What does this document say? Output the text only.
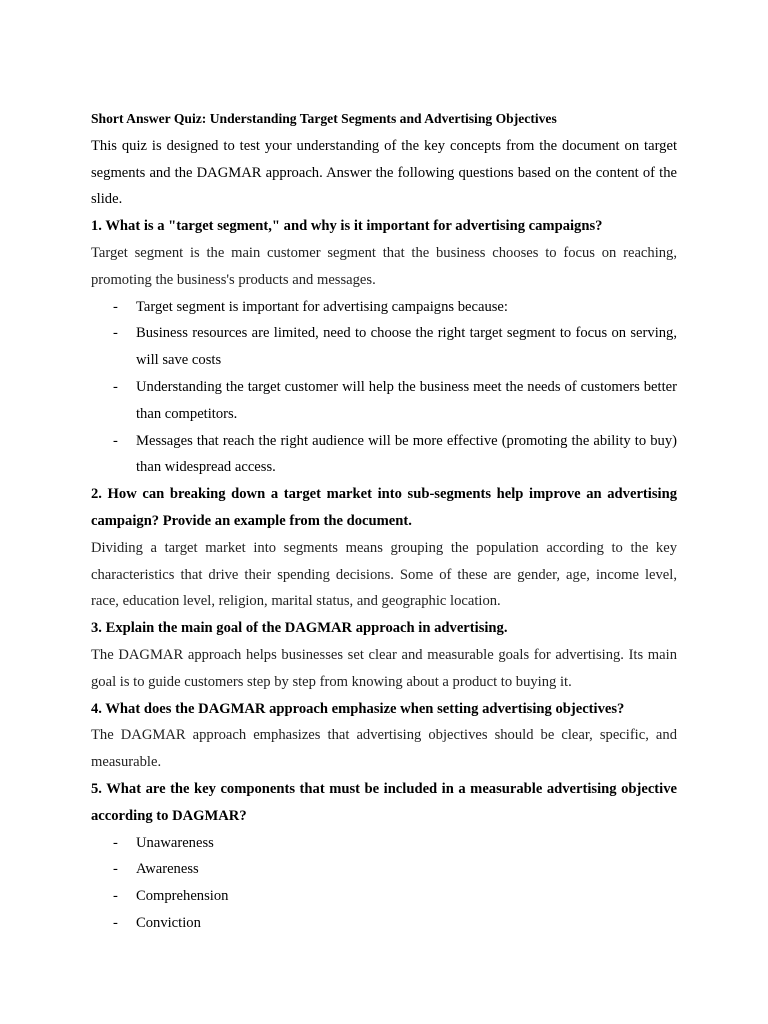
Short Answer Quiz: Understanding Target Segments and Advertising Objectives

This quiz is designed to test your understanding of the key concepts from the document on target segments and the DAGMAR approach. Answer the following questions based on the content of the slide.

1. What is a "target segment," and why is it important for advertising campaigns?

Target segment is the main customer segment that the business chooses to focus on reaching, promoting the business's products and messages.

- Target segment is important for advertising campaigns because:
- Business resources are limited, need to choose the right target segment to focus on serving, will save costs
- Understanding the target customer will help the business meet the needs of customers better than competitors.
- Messages that reach the right audience will be more effective (promoting the ability to buy) than widespread access.

2. How can breaking down a target market into sub-segments help improve an advertising campaign? Provide an example from the document.

Dividing a target market into segments means grouping the population according to the key characteristics that drive their spending decisions. Some of these are gender, age, income level, race, education level, religion, marital status, and geographic location.

3. Explain the main goal of the DAGMAR approach in advertising.

The DAGMAR approach helps businesses set clear and measurable goals for advertising. Its main goal is to guide customers step by step from knowing about a product to buying it.

4. What does the DAGMAR approach emphasize when setting advertising objectives?

The DAGMAR approach emphasizes that advertising objectives should be clear, specific, and measurable.

5. What are the key components that must be included in a measurable advertising objective according to DAGMAR?

- Unawareness
- Awareness
- Comprehension
- Conviction
